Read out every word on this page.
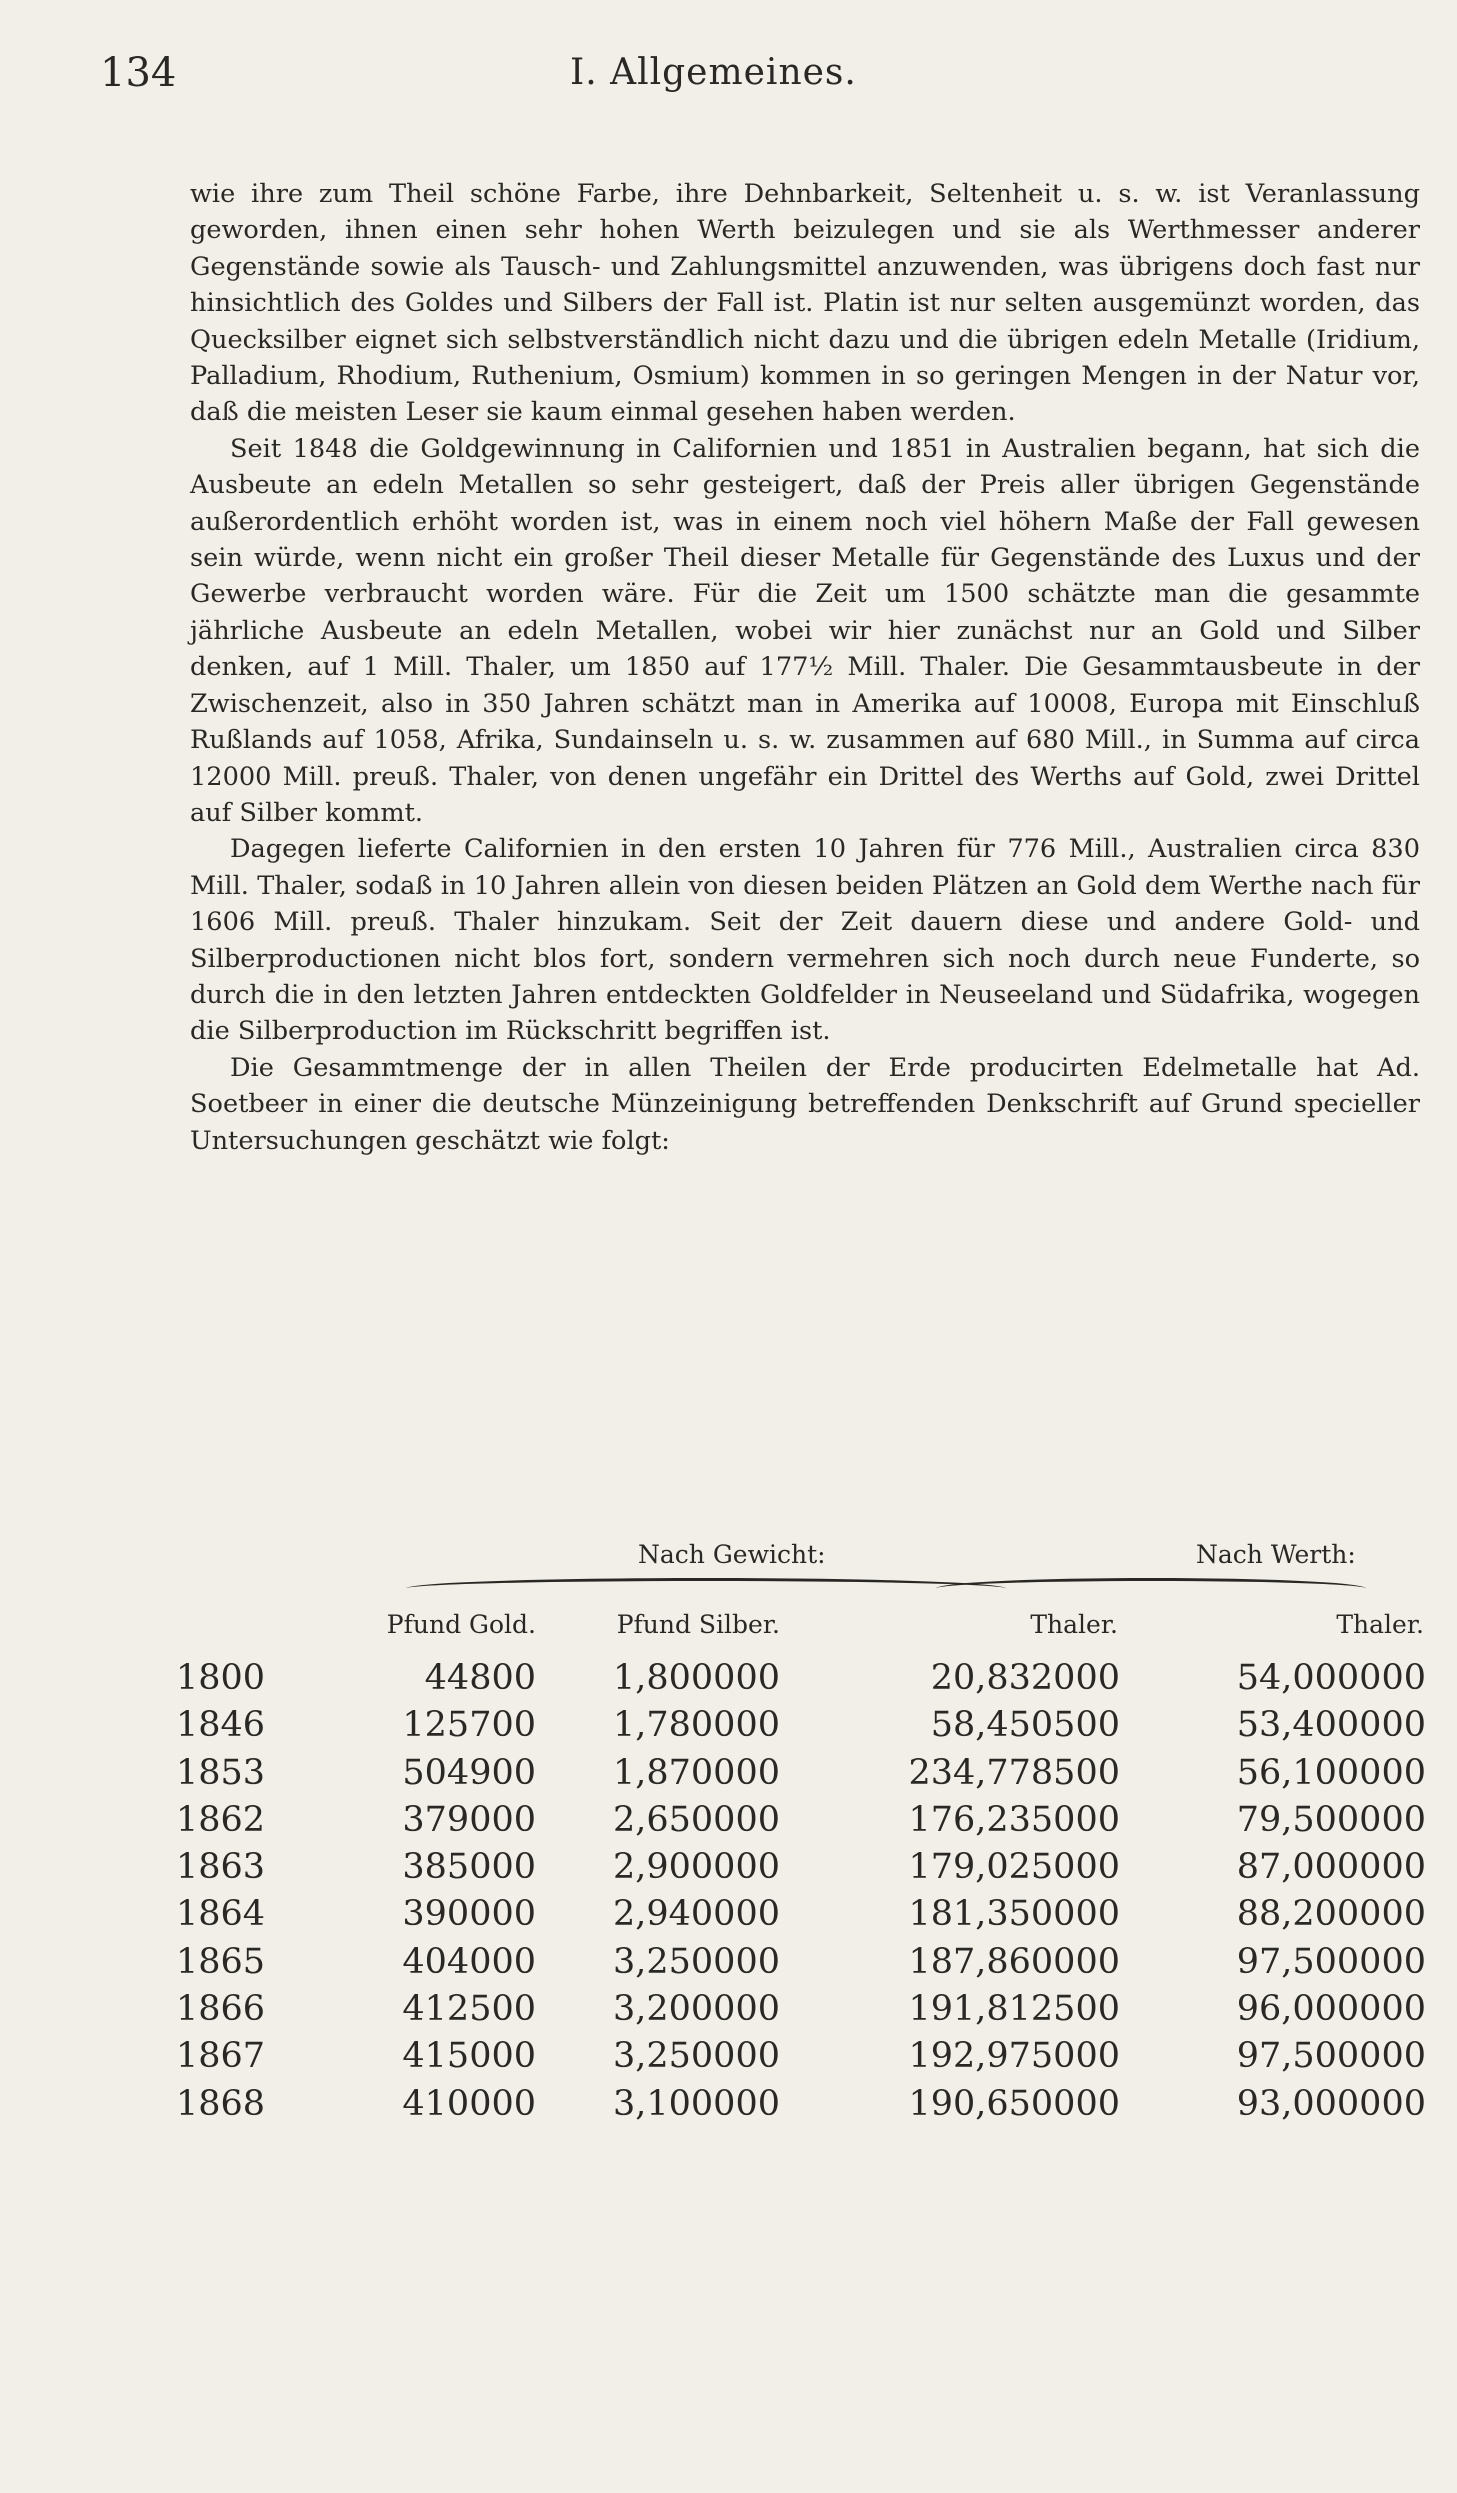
134	I. Allgemeines.

wie ihre zum Theil schöne Farbe, ihre Dehnbarkeit, Seltenheit u. s. w. ist Veranlassung geworden, ihnen einen sehr hohen Werth beizulegen und sie als Werthmesser anderer Gegenstände sowie als Tausch- und Zahlungsmittel anzuwenden, was übrigens doch fast nur hinsichtlich des Goldes und Silbers der Fall ist. Platin ist nur selten ausgemünzt worden, das Quecksilber eignet sich selbstverständlich nicht dazu und die übrigen edeln Metalle (Iridium, Palladium, Rhodium, Ruthenium, Osmium) kommen in so geringen Mengen in der Natur vor, daß die meisten Leser sie kaum einmal gesehen haben werden.

Seit 1848 die Goldgewinnung in Californien und 1851 in Australien begann, hat sich die Ausbeute an edeln Metallen so sehr gesteigert, daß der Preis aller übrigen Gegenstände außerordentlich erhöht worden ist, was in einem noch viel höhern Maße der Fall gewesen sein würde, wenn nicht ein großer Theil dieser Metalle für Gegenstände des Luxus und der Gewerbe verbraucht worden wäre. Für die Zeit um 1500 schätzte man die gesammte jährliche Ausbeute an edeln Metallen, wobei wir hier zunächst nur an Gold und Silber denken, auf 1 Mill. Thaler, um 1850 auf 177½ Mill. Thaler. Die Gesammtausbeute in der Zwischenzeit, also in 350 Jahren schätzt man in Amerika auf 10008, Europa mit Einschluß Rußlands auf 1058, Afrika, Sundainseln u. s. w. zusammen auf 680 Mill., in Summa auf circa 12000 Mill. preuß. Thaler, von denen ungefähr ein Drittel des Werths auf Gold, zwei Drittel auf Silber kommt.

Dagegen lieferte Californien in den ersten 10 Jahren für 776 Mill., Australien circa 830 Mill. Thaler, sodaß in 10 Jahren allein von diesen beiden Plätzen an Gold dem Werthe nach für 1606 Mill. preuß. Thaler hinzukam. Seit der Zeit dauern diese und andere Gold- und Silberproductionen nicht blos fort, sondern vermehren sich noch durch neue Funderte, so durch die in den letzten Jahren entdeckten Goldfelder in Neuseeland und Südafrika, wogegen die Silberproduction im Rückschritt begriffen ist.

Die Gesammtmenge der in allen Theilen der Erde producirten Edelmetalle hat Ad. Soetbeer in einer die deutsche Münzeinigung betreffenden Denkschrift auf Grund specieller Untersuchungen geschätzt wie folgt:

Nach Gewicht:	Nach Werth:
Pfund Gold.	Pfund Silber.	Thaler.	Thaler.
1800	44800 1,800000	20,832000	54,000000
1846	125700 1,780000	58,450500	53,400000
1853	504900 1,870000	234,778500	56,100000
1862	379000 2,650000	176,235000	79,500000
1863	385000 2,900000	179,025000	87,000000
1864	390000 2,940000	181,350000	88,200000
1865	404000 3,250000	187,860000	97,500000
1866	412500 3,200000	191,812500	96,000000
1867	415000 3,250000	192,975000	97,500000
1868	410000 3,100000	190,650000	93,000000
